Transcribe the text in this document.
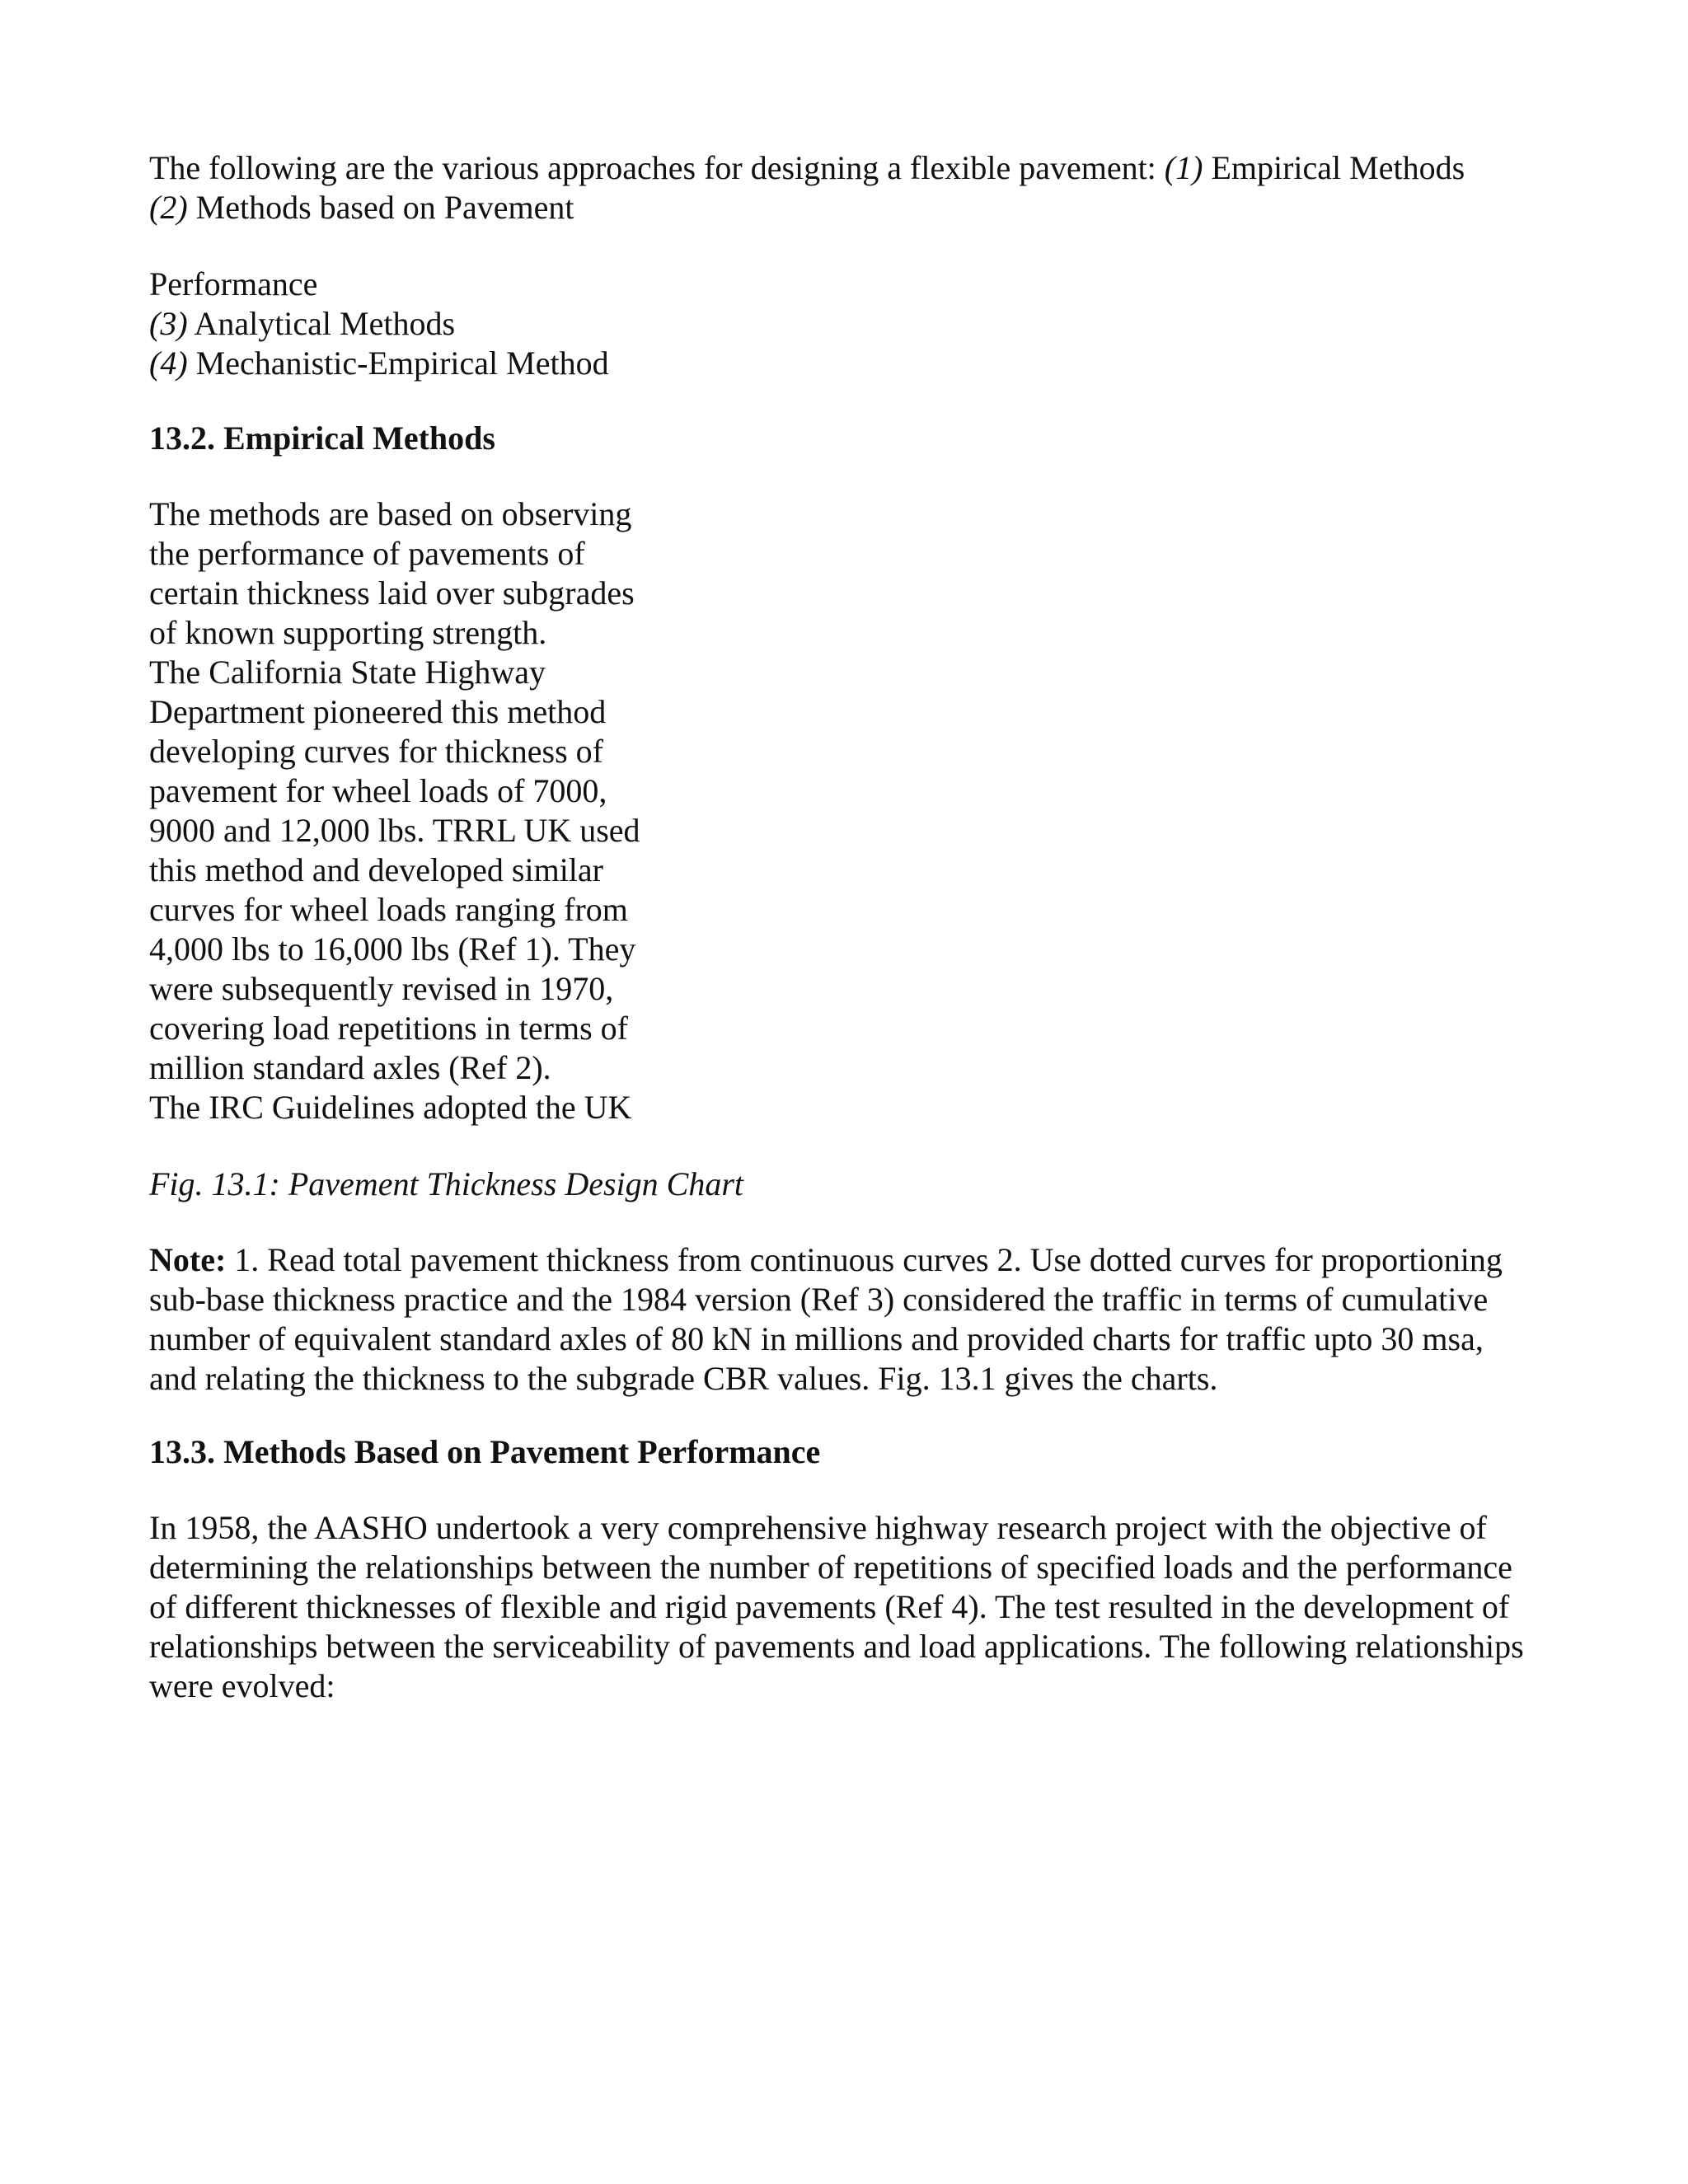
The following are the various approaches for designing a flexible pavement: (1) Empirical Methods
(2) Methods based on Pavement

Performance
(3) Analytical Methods
(4) Mechanistic-Empirical Method

13.2. Empirical Methods

The methods are based on observing
the performance of pavements of
certain thickness laid over subgrades
of known supporting strength.
The California State Highway
Department pioneered this method
developing curves for thickness of
pavement for wheel loads of 7000,
9000 and 12,000 lbs. TRRL UK used
this method and developed similar
curves for wheel loads ranging from
4,000 lbs to 16,000 lbs (Ref 1). They
were subsequently revised in 1970,
covering load repetitions in terms of
million standard axles (Ref 2).
The IRC Guidelines adopted the UK

Fig. 13.1: Pavement Thickness Design Chart

Note: 1. Read total pavement thickness from continuous curves 2. Use dotted curves for proportioning
sub-base thickness practice and the 1984 version (Ref 3) considered the traffic in terms of cumulative
number of equivalent standard axles of 80 kN in millions and provided charts for traffic upto 30 msa,
and relating the thickness to the subgrade CBR values. Fig. 13.1 gives the charts.

13.3. Methods Based on Pavement Performance

In 1958, the AASHO undertook a very comprehensive highway research project with the objective of
determining the relationships between the number of repetitions of specified loads and the performance
of different thicknesses of flexible and rigid pavements (Ref 4). The test resulted in the development of
relationships between the serviceability of pavements and load applications. The following relationships
were evolved:
